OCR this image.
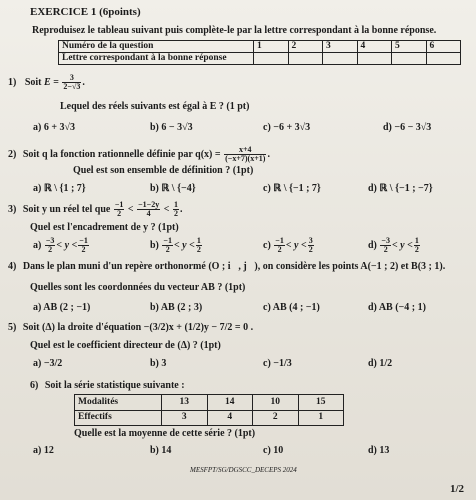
EXERCICE 1 (6points)
Reproduisez le tableau suivant puis complète-le par la lettre correspondant à la bonne réponse.
Numéro de la question	1	2	3	4	5	6
Lettre correspondant à la bonne réponse						
1) Soit $E = \frac{3}{2-√3}$ .
Lequel des réels suivants est égal à E ? (1 pt)
a) 6 + 3√3	b) 6 − 3√3	c) −6 + 3√3	d) −6 − 3√3
2) Soit q la fonction rationnelle définie par $q(x) = \frac{x+4}{(-x+7)(x+1)}$ .
Quel est son ensemble de définition ? (1pt)
a) ℝ \ {1 ; 7}	b) ℝ \ {−4}	c) ℝ \ {−1 ; 7}	d) ℝ \ {−1 ; −7}
3) Soit y un réel tel que $\frac{-1}{2} < \frac{-1-2y}{4} < \frac{1}{2}$ .
Quel est l'encadrement de y ? (1pt)
$a) \frac{-3}{2} < y < \frac{-1}{2}$	$b) \frac{-1}{2} < y < \frac{1}{2}$	$c) \frac{-1}{2} < y < \frac{3}{2}$	$d) \frac{-3}{2} < y < \frac{1}{2}$
4) Dans le plan muni d'un repère orthonormé (O ; i⃗, j⃗), on considère les points A(−1 ; 2) et B(3 ; 1).
Quelles sont les coordonnées du vecteur AB ? (1pt)
a) AB (2 ; −1)	b) AB (2 ; 3)	c) AB (4 ; −1)	d) AB (−4 ; 1)
5) Soit (Δ) la droite d'équation −(3/2)x + (1/2)y − 7/2 = 0 .
Quel est le coefficient directeur de (Δ) ? (1pt)
a) −3/2	b) 3	c) −1/3	d) 1/2
6) Soit la série statistique suivante :
Modalités	13	14	10	15
Effectifs	3	4	2	1
Quelle est la moyenne de cette série ? (1pt)
a) 12	b) 14	c) 10	d) 13
MESFPT/SG/DGSCC_DECEPS 2024
1/2
